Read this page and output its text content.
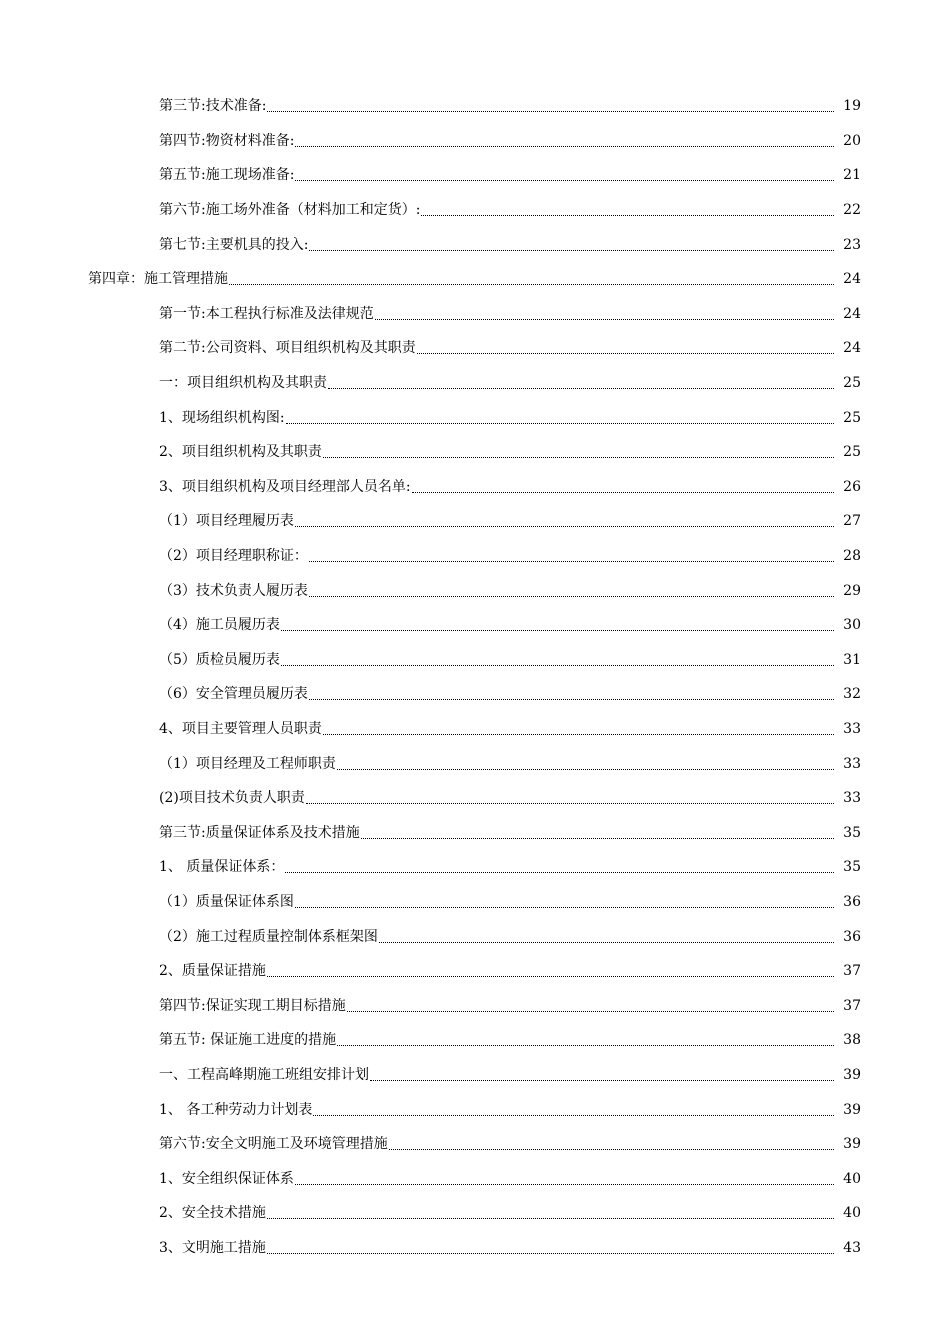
第三节:技术准备:	19
第四节:物资材料准备:	20
第五节:施工现场准备:	21
第六节:施工场外准备（材料加工和定货）:	22
第七节:主要机具的投入:	23
第四章：施工管理措施	24
第一节:本工程执行标准及法律规范	24
第二节:公司资料、项目组织机构及其职责	24
一：项目组织机构及其职责	25
1、现场组织机构图:	25
2、项目组织机构及其职责	25
3、项目组织机构及项目经理部人员名单:	26
（1）项目经理履历表	27
（2）项目经理职称证：	28
（3）技术负责人履历表	29
（4）施工员履历表	30
（5）质检员履历表	31
（6）安全管理员履历表	32
4、项目主要管理人员职责	33
（1）项目经理及工程师职责	33
(2)项目技术负责人职责	33
第三节:质量保证体系及技术措施	35
1、 质量保证体系：	35
（1）质量保证体系图	36
（2）施工过程质量控制体系框架图	36
2、质量保证措施	37
第四节:保证实现工期目标措施	37
第五节: 保证施工进度的措施	38
一、工程高峰期施工班组安排计划	39
1、 各工种劳动力计划表	39
第六节:安全文明施工及环境管理措施	39
1、安全组织保证体系	40
2、安全技术措施	40
3、文明施工措施	43
